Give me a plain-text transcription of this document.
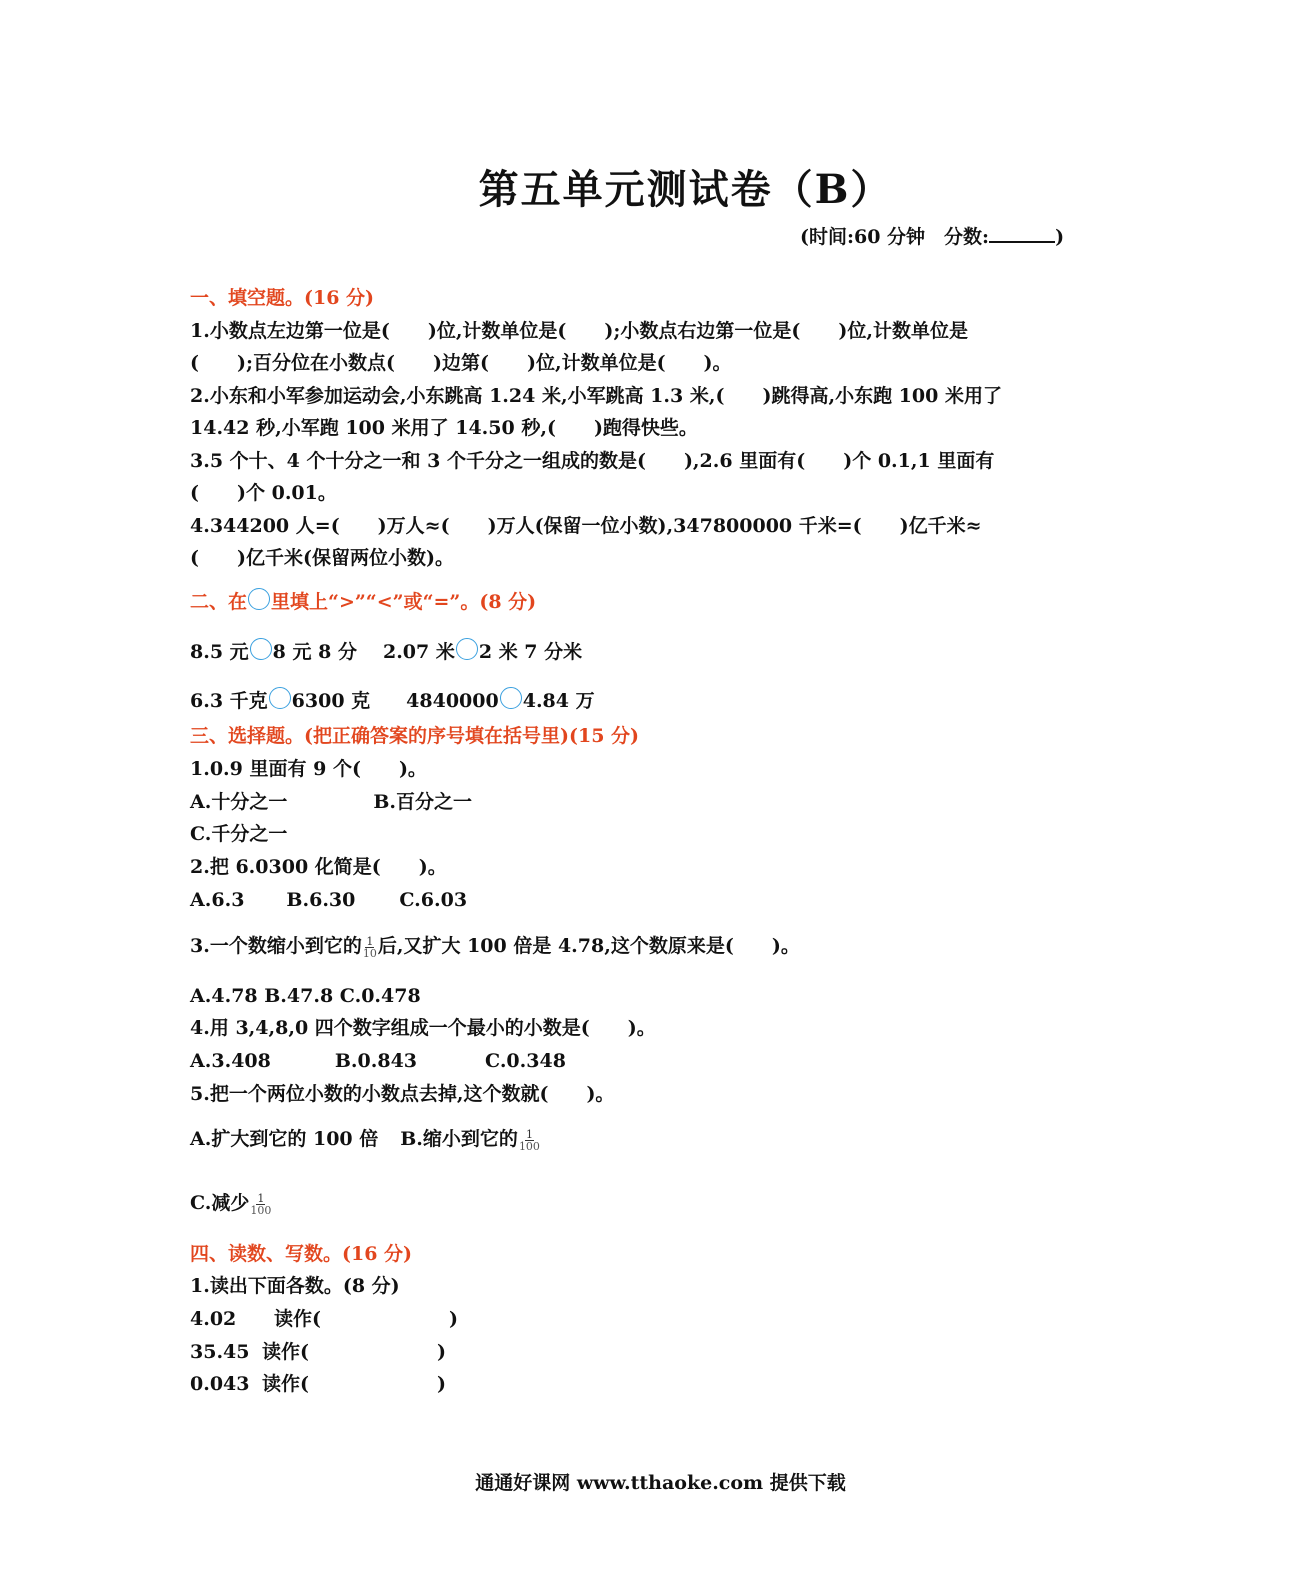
第五单元测试卷（B）
(时间:60 分钟　分数:	)
一、填空题。(16 分)
1.小数点左边第一位是(　　)位,计数单位是(　　);小数点右边第一位是(　　)位,计数单位是
(　　);百分位在小数点(　　)边第(　　)位,计数单位是(　　)。
2.小东和小军参加运动会,小东跳高 1.24 米,小军跳高 1.3 米,(　　)跳得高,小东跑 100 米用了
14.42 秒,小军跑 100 米用了 14.50 秒,(　　)跑得快些。
3.5 个十、4 个十分之一和 3 个千分之一组成的数是(　　),2.6 里面有(　　)个 0.1,1 里面有
(　　)个 0.01。
4.344200 人=(　　)万人≈(　　)万人(保留一位小数),347800000 千米=(　　)亿千米≈
(　　)亿千米(保留两位小数)。
二、在 里填上“>”“<”或“=”。(8 分)
8.5 元 8 元 8 分 2.07 米 2 米 7 分米
6.3 千克 6300 克 4840000 4.84 万
三、选择题。(把正确答案的序号填在括号里)(15 分)
1.0.9 里面有 9 个(　　)。
A.十分之一	B.百分之一
C.千分之一
2.把 6.0300 化简是(　　)。
A.6.3 B.6.30 C.6.03
3.一个数缩小到它的 $\frac{1}{10}$ 后,又扩大 100 倍是 4.78,这个数原来是(　　)。
A.4.78 B.47.8 C.0.478
4.用 3,4,8,0 四个数字组成一个最小的小数是(　　)。
A.3.408	B.0.843	C.0.348
5.把一个两位小数的小数点去掉,这个数就(　　)。
A.扩大到它的 100 倍 B.缩小到它的 $\frac{1}{100}$
C.减少 $\frac{1}{100}$
四、读数、写数。(16 分)
1.读出下面各数。(8 分)
4.02 读作(	)
35.45 读作(	)
0.043 读作(	)
通通好课网 www.tthaoke.com 提供下载
